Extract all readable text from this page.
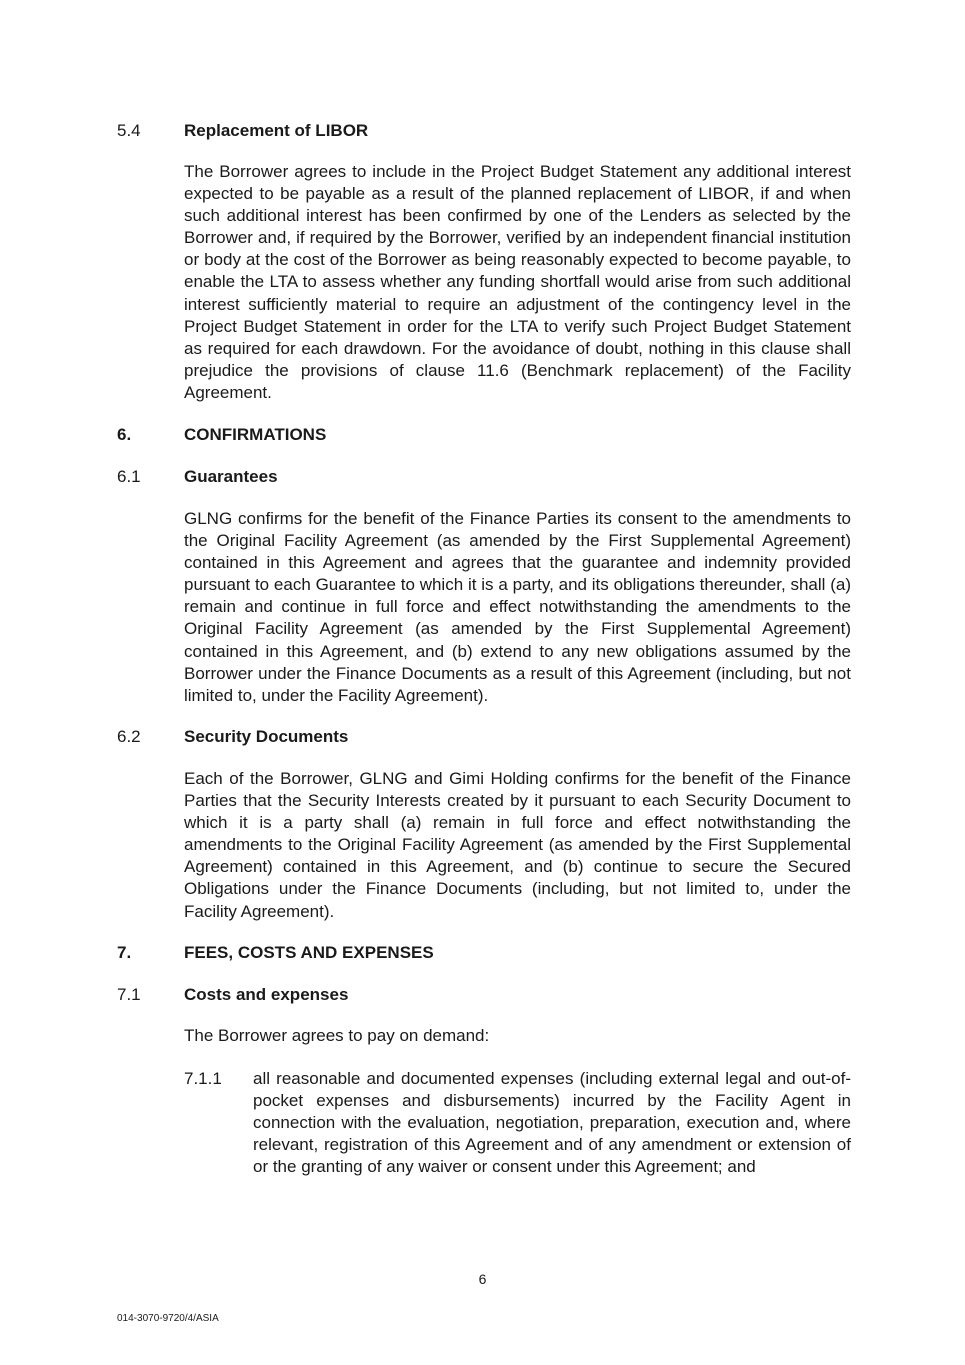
5.4	Replacement of LIBOR
The Borrower agrees to include in the Project Budget Statement any additional interest expected to be payable as a result of the planned replacement of LIBOR, if and when such additional interest has been confirmed by one of the Lenders as selected by the Borrower and, if required by the Borrower, verified by an independent financial institution or body at the cost of the Borrower as being reasonably expected to become payable, to enable the LTA to assess whether any funding shortfall would arise from such additional interest sufficiently material to require an adjustment of the contingency level in the Project Budget Statement in order for the LTA to verify such Project Budget Statement as required for each drawdown. For the avoidance of doubt, nothing in this clause shall prejudice the provisions of clause 11.6 (Benchmark replacement) of the Facility Agreement.
6.	CONFIRMATIONS
6.1	Guarantees
GLNG confirms for the benefit of the Finance Parties its consent to the amendments to the Original Facility Agreement (as amended by the First Supplemental Agreement) contained in this Agreement and agrees that the guarantee and indemnity provided pursuant to each Guarantee to which it is a party, and its obligations thereunder, shall (a) remain and continue in full force and effect notwithstanding the amendments to the Original Facility Agreement (as amended by the First Supplemental Agreement) contained in this Agreement, and (b) extend to any new obligations assumed by the Borrower under the Finance Documents as a result of this Agreement (including, but not limited to, under the Facility Agreement).
6.2	Security Documents
Each of the Borrower, GLNG and Gimi Holding confirms for the benefit of the Finance Parties that the Security Interests created by it pursuant to each Security Document to which it is a party shall (a) remain in full force and effect notwithstanding the amendments to the Original Facility Agreement (as amended by the First Supplemental Agreement) contained in this Agreement, and (b) continue to secure the Secured Obligations under the Finance Documents (including, but not limited to, under the Facility Agreement).
7.	FEES, COSTS AND EXPENSES
7.1	Costs and expenses
The Borrower agrees to pay on demand:
7.1.1 all reasonable and documented expenses (including external legal and out-of-pocket expenses and disbursements) incurred by the Facility Agent in connection with the evaluation, negotiation, preparation, execution and, where relevant, registration of this Agreement and of any amendment or extension of or the granting of any waiver or consent under this Agreement; and
6
014-3070-9720/4/ASIA
